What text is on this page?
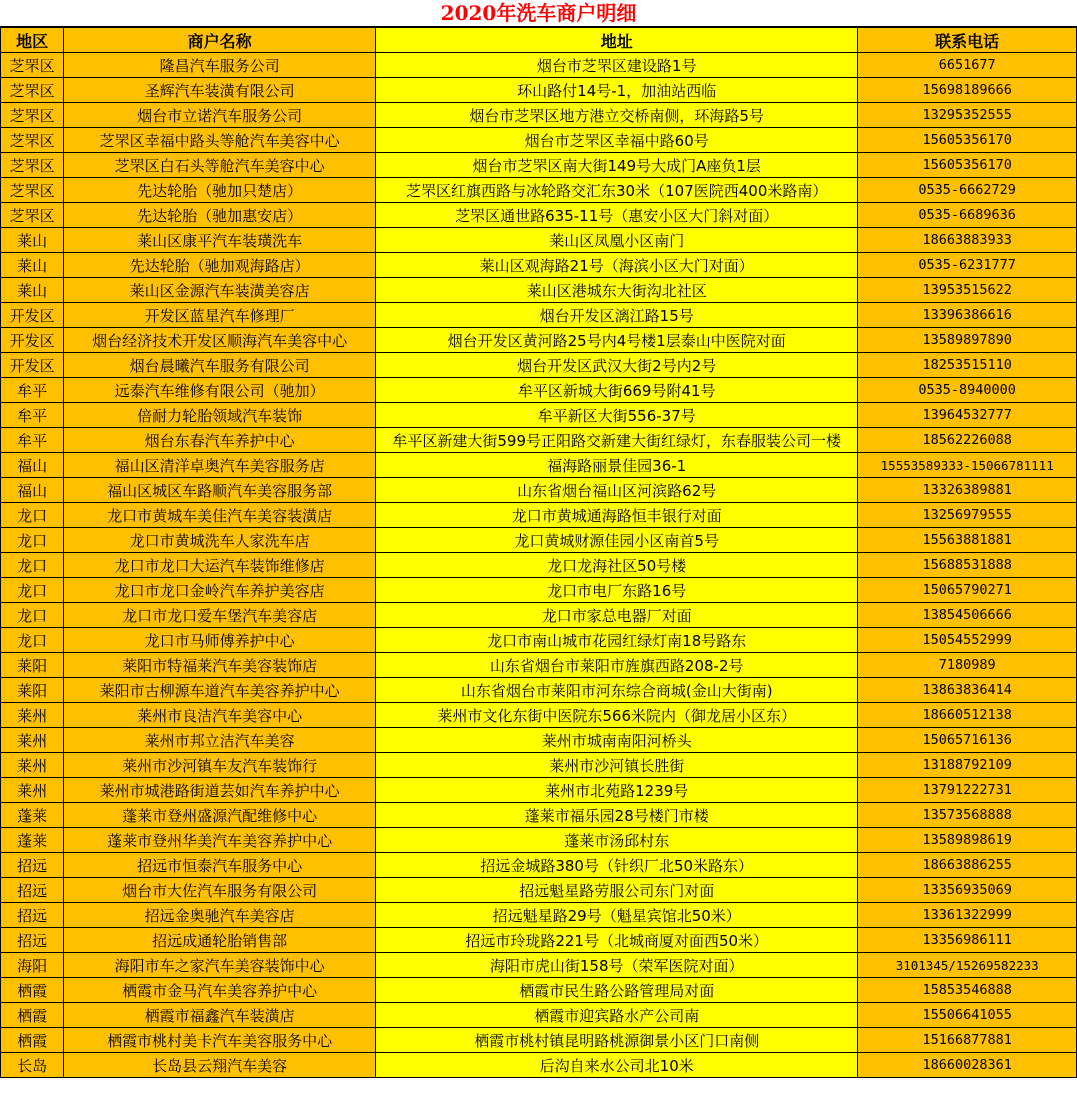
2020年洗车商户明细
地区	商户名称	地址	联系电话
芝罘区	隆昌汽车服务公司	烟台市芝罘区建设路1号	6651677
芝罘区	圣辉汽车装潢有限公司	环山路付14号-1，加油站西临	15698189666
芝罘区	烟台市立诺汽车服务公司	烟台市芝罘区地方港立交桥南侧，环海路5号	13295352555
芝罘区	芝罘区幸福中路头等舱汽车美容中心	烟台市芝罘区幸福中路60号	15605356170
芝罘区	芝罘区白石头等舱汽车美容中心	烟台市芝罘区南大街149号大成门A座负1层	15605356170
芝罘区	先达轮胎（驰加只楚店）	芝罘区红旗西路与冰轮路交汇东30米（107医院西400米路南）	0535-6662729
芝罘区	先达轮胎（驰加惠安店）	芝罘区通世路635-11号（惠安小区大门斜对面）	0535-6689636
莱山	莱山区康平汽车装璜洗车	莱山区凤凰小区南门	18663883933
莱山	先达轮胎（驰加观海路店）	莱山区观海路21号（海滨小区大门对面）	0535-6231777
莱山	莱山区金源汽车装潢美容店	莱山区港城东大街沟北社区	13953515622
开发区	开发区蓝星汽车修理厂	烟台开发区漓江路15号	13396386616
开发区	烟台经济技术开发区顺海汽车美容中心	烟台开发区黄河路25号内4号楼1层泰山中医院对面	13589897890
开发区	烟台晨曦汽车服务有限公司	烟台开发区武汉大街2号内2号	18253515110
牟平	远泰汽车维修有限公司（驰加）	牟平区新城大街669号附41号	0535-8940000
牟平	倍耐力轮胎领域汽车装饰	牟平新区大街556-37号	13964532777
牟平	烟台东春汽车养护中心	牟平区新建大街599号正阳路交新建大街红绿灯，东春服装公司一楼	18562226088
福山	福山区清洋卓奥汽车美容服务店	福海路丽景佳园36-1	15553589333-15066781111
福山	福山区城区车路顺汽车美容服务部	山东省烟台福山区河滨路62号	13326389881
龙口	龙口市黄城车美佳汽车美容装潢店	龙口市黄城通海路恒丰银行对面	13256979555
龙口	龙口市黄城洗车人家洗车店	龙口黄城财源佳园小区南首5号	15563881881
龙口	龙口市龙口大运汽车装饰维修店	龙口龙海社区50号楼	15688531888
龙口	龙口市龙口金岭汽车养护美容店	龙口市电厂东路16号	15065790271
龙口	龙口市龙口爱车堡汽车美容店	龙口市家总电器厂对面	13854506666
龙口	龙口市马师傅养护中心	龙口市南山城市花园红绿灯南18号路东	15054552999
莱阳	莱阳市特福莱汽车美容装饰店	山东省烟台市莱阳市旌旗西路208-2号	7180989
莱阳	莱阳市古柳源车道汽车美容养护中心	山东省烟台市莱阳市河东综合商城(金山大街南)	13863836414
莱州	莱州市良洁汽车美容中心	莱州市文化东街中医院东566米院内（御龙居小区东）	18660512138
莱州	莱州市邦立洁汽车美容	莱州市城南南阳河桥头	15065716136
莱州	莱州市沙河镇车友汽车装饰行	莱州市沙河镇长胜街	13188792109
莱州	莱州市城港路街道芸如汽车养护中心	莱州市北苑路1239号	13791222731
蓬莱	蓬莱市登州盛源汽配维修中心	蓬莱市福乐园28号楼门市楼	13573568888
蓬莱	蓬莱市登州华美汽车美容养护中心	蓬莱市汤邱村东	13589898619
招远	招远市恒泰汽车服务中心	招远金城路380号（针织厂北50米路东）	18663886255
招远	烟台市大佐汽车服务有限公司	招远魁星路劳服公司东门对面	13356935069
招远	招远金奥驰汽车美容店	招远魁星路29号（魁星宾馆北50米）	13361322999
招远	招远成通轮胎销售部	招远市玲珑路221号（北城商厦对面西50米）	13356986111
海阳	海阳市车之家汽车美容装饰中心	海阳市虎山街158号（荣军医院对面）	3101345/15269582233
栖霞	栖霞市金马汽车美容养护中心	栖霞市民生路公路管理局对面	15853546888
栖霞	栖霞市福鑫汽车装潢店	栖霞市迎宾路水产公司南	15506641055
栖霞	栖霞市桃村美卡汽车美容服务中心	栖霞市桃村镇昆明路桃源御景小区门口南侧	15166877881
长岛	长岛县云翔汽车美容	后沟自来水公司北10米	18660028361
